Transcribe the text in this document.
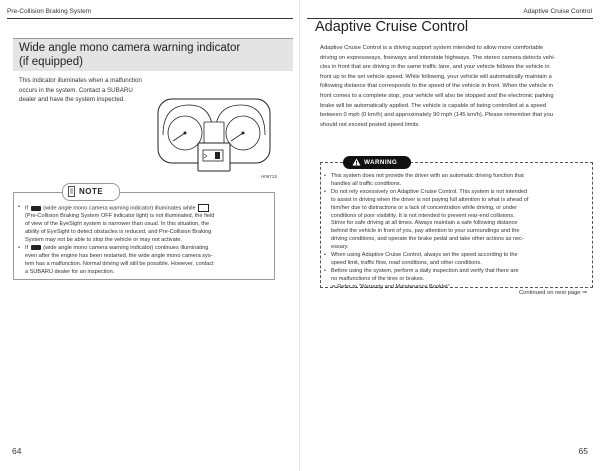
Pre-Collision Braking System
Wide angle mono camera warning indicator
(if equipped)
This indicator illuminates when a malfunction
occurs in the system. Contact a SUBARU
dealer and have the system inspected.
H0671S
NOTE

• If  (wide angle mono camera warning indicator) illuminates while
(Pre-Collision Braking System OFF indicator light) is not illuminated, the field
of view of the EyeSight system is narrower than usual. In this situation, the
ability of EyeSight to detect obstacles is reduced, and Pre-Collision Braking
System may not be able to stop the vehicle or may not activate.

• If  (wide angle mono camera warning indicator) continues illuminating
even after the engine has been restarted, the wide angle mono camera sys-
tem has a malfunction. Normal driving will still be possible. However, contact
a SUBARU dealer for an inspection.

64
Adaptive Cruise Control
Adaptive Cruise Control
Adaptive Cruise Control is a driving support system intended to allow more comfortable
driving on expressways, freeways and interstate highways. The stereo camera detects vehi-
cles in front that are driving in the same traffic lane, and your vehicle follows the vehicle in
front up to the set vehicle speed. While following, your vehicle will automatically maintain a
following distance that corresponds to the speed of the vehicle in front. When the vehicle in
front comes to a complete stop, your vehicle will also be stopped and the electronic parking
brake will be automatically applied. The vehicle is capable of being controlled at a speed
between 0 mph (0 km/h) and approximately 90 mph (145 km/h). Please remember that you
should not exceed posted speed limits.
WARNING

• This system does not provide the driver with an automatic driving function that
handles all traffic conditions.

• Do not rely excessively on Adaptive Cruise Control. This system is not intended
to assist in driving when the driver is not paying full attention to what is ahead of
him/her due to distractions or a lack of concentration while driving, or under
conditions of poor visibility. It is not intended to prevent rear-end collisions.
Strive for safe driving at all times. Always maintain a safe following distance
behind the vehicle in front of you, pay attention to your surroundings and the
driving conditions, and operate the brake pedal and take other actions as nec-
essary.

• When using Adaptive Cruise Control, always set the speed according to the
speed limit, traffic flow, road conditions, and other conditions.

• Before using the system, perform a daily inspection and verify that there are
no malfunctions of the tires or brakes.
⇒ Refer to “Warranty and Maintenance Booklet”.

Continued on next page ⇒
65
